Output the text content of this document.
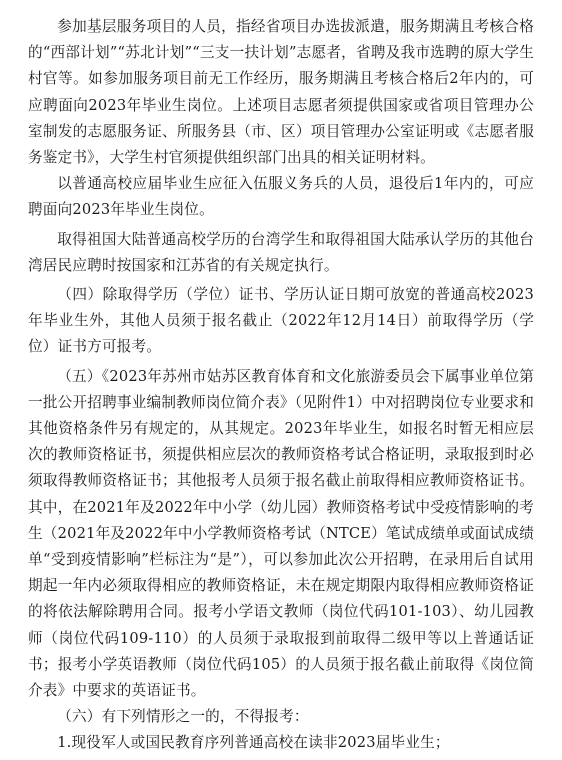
参加基层服务项目的人员，指经省项目办选拔派遣，服务期满且考核合格的“西部计划”“苏北计划”“三支一扶计划”志愿者，省聘及我市选聘的原大学生村官等。如参加服务项目前无工作经历，服务期满且考核合格后2年内的，可应聘面向2023年毕业生岗位。上述项目志愿者须提供国家或省项目管理办公室制发的志愿服务证、所服务县（市、区）项目管理办公室证明或《志愿者服务鉴定书》，大学生村官须提供组织部门出具的相关证明材料。

以普通高校应届毕业生应征入伍服义务兵的人员，退役后1年内的，可应聘面向2023年毕业生岗位。

取得祖国大陆普通高校学历的台湾学生和取得祖国大陆承认学历的其他台湾居民应聘时按国家和江苏省的有关规定执行。

（四）除取得学历（学位）证书、学历认证日期可放宽的普通高校2023年毕业生外，其他人员须于报名截止（2022年12月14日）前取得学历（学位）证书方可报考。

（五）《2023年苏州市姑苏区教育体育和文化旅游委员会下属事业单位第一批公开招聘事业编制教师岗位简介表》（见附件1）中对招聘岗位专业要求和其他资格条件另有规定的，从其规定。2023年毕业生，如报名时暂无相应层次的教师资格证书，须提供相应层次的教师资格考试合格证明，录取报到时必须取得教师资格证书；其他报考人员须于报名截止前取得相应教师资格证书。其中，在2021年及2022年中小学（幼儿园）教师资格考试中受疫情影响的考生（2021年及2022年中小学教师资格考试（NTCE）笔试成绩单或面试成绩单“受到疫情影响”栏标注为“是”），可以参加此次公开招聘，在录用后自试用期起一年内必须取得相应的教师资格证，未在规定期限内取得相应教师资格证的将依法解除聘用合同。报考小学语文教师（岗位代码101-103）、幼儿园教师（岗位代码109-110）的人员须于录取报到前取得二级甲等以上普通话证书；报考小学英语教师（岗位代码105）的人员须于报名截止前取得《岗位简介表》中要求的英语证书。

（六）有下列情形之一的，不得报考：

1.现役军人或国民教育序列普通高校在读非2023届毕业生；
